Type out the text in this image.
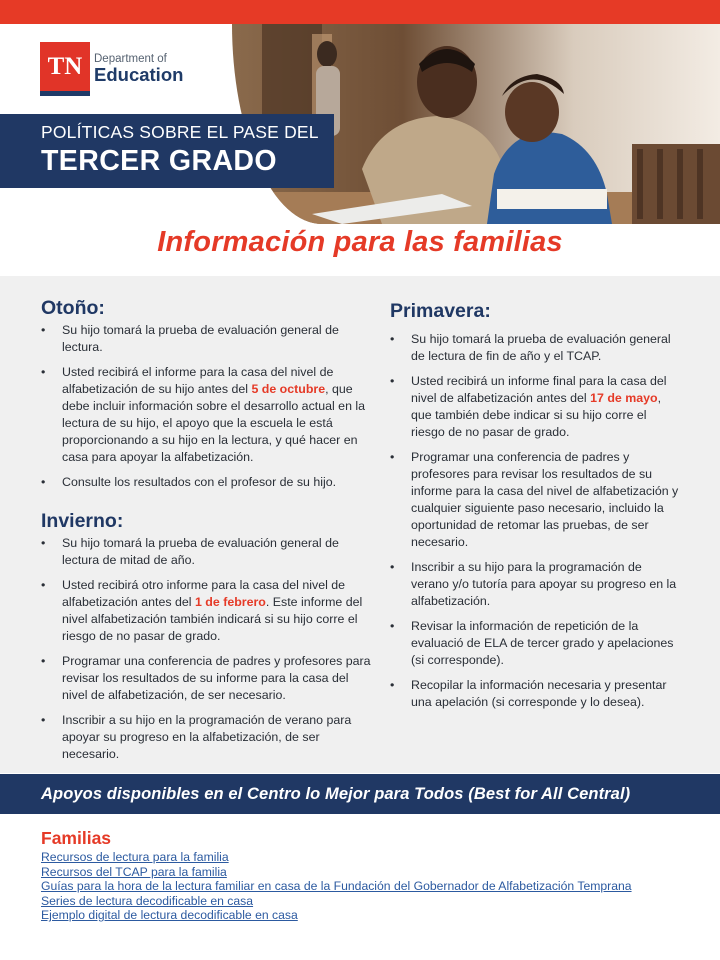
TN	Department of
Education
POLÍTICAS SOBRE EL PASE DEL
TERCER GRADO
Información para las familias
Otoño:
• Su hijo tomará la prueba de evaluación general de lectura.
• Usted recibirá el informe para la casa del nivel de alfabetización de su hijo antes del 5 de octubre, que debe incluir información sobre el desarrollo actual en la lectura de su hijo, el apoyo que la escuela le está proporcionando a su hijo en la lectura, y qué hacer en casa para apoyar la alfabetización.
• Consulte los resultados con el profesor de su hijo.
Invierno:
• Su hijo tomará la prueba de evaluación general de lectura de mitad de año.
• Usted recibirá otro informe para la casa del nivel de alfabetización antes del 1 de febrero. Este informe del nivel alfabetización también indicará si su hijo corre el riesgo de no pasar de grado.
• Programar una conferencia de padres y profesores para revisar los resultados de su informe para la casa del nivel de alfabetización, de ser necesario.
• Inscribir a su hijo en la programación de verano para apoyar su progreso en la alfabetización, de ser necesario.
Primavera:
• Su hijo tomará la prueba de evaluación general de lectura de fin de año y el TCAP.
• Usted recibirá un informe final para la casa del nivel de alfabetización antes del 17 de mayo, que también debe indicar si su hijo corre el riesgo de no pasar de grado.
• Programar una conferencia de padres y profesores para revisar los resultados de su informe para la casa del nivel de alfabetización y cualquier siguiente paso necesario, incluido la oportunidad de retomar las pruebas, de ser necesario.
• Inscribir a su hijo para la programación de verano y/o tutoría para apoyar su progreso en la alfabetización.
• Revisar la información de repetición de la evaluació de ELA de tercer grado y apelaciones (si corresponde).
• Recopilar la información necesaria y presentar una apelación (si corresponde y lo desea).
Apoyos disponibles en el Centro lo Mejor para Todos (Best for All Central)
Familias
Recursos de lectura para la familia
Recursos del TCAP para la familia
Guías para la hora de la lectura familiar en casa de la Fundación del Gobernador de Alfabetización Temprana
Series de lectura decodificable en casa
Ejemplo digital de lectura decodificable en casa
